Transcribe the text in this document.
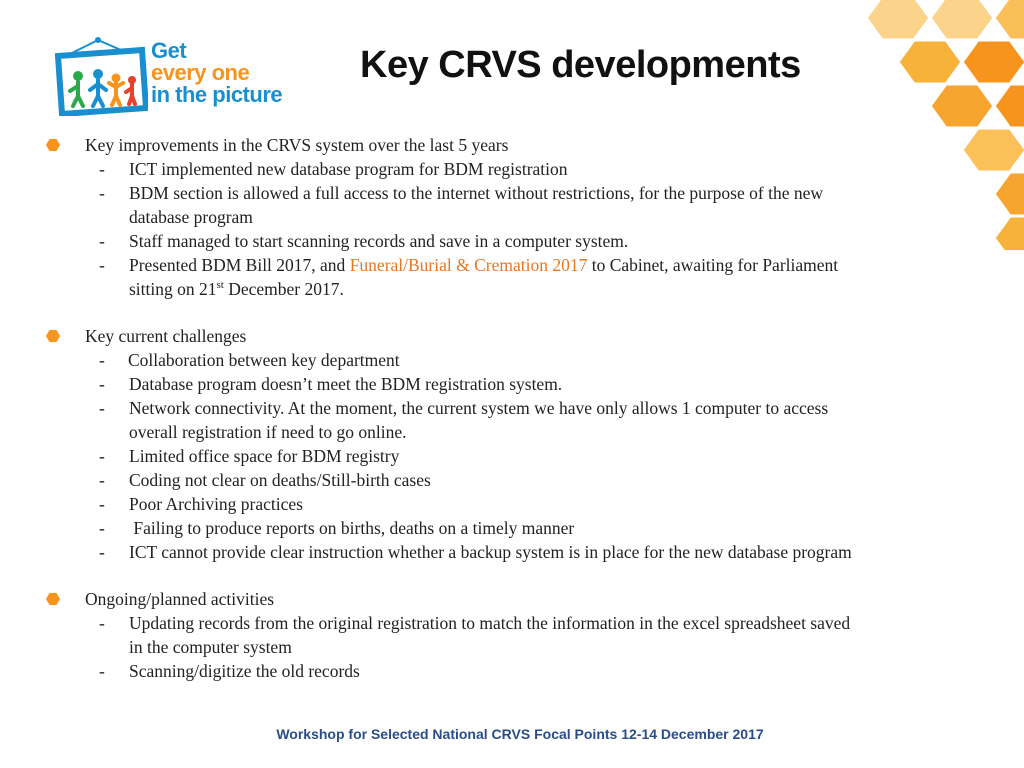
Get
every one
in the picture
Key CRVS developments
Key improvements in the CRVS system over the last 5 years
- ICT implemented new database program for BDM registration
- BDM section is allowed a full access to the internet without restrictions, for the purpose of the new
database program
- Staff managed to start scanning records and save in a computer system.
- Presented BDM Bill 2017, and Funeral/Burial & Cremation 2017 to Cabinet, awaiting for Parliament
sitting on 21st December 2017.
Key current challenges
- Collaboration between key department
- Database program doesn’t meet the BDM registration system.
- Network connectivity. At the moment, the current system we have only allows 1 computer to access
overall registration if need to go online.
- Limited office space for BDM registry
- Coding not clear on deaths/Still-birth cases
- Poor Archiving practices
- Failing to produce reports on births, deaths on a timely manner
- ICT cannot provide clear instruction whether a backup system is in place for the new database program
Ongoing/planned activities
- Updating records from the original registration to match the information in the excel spreadsheet saved
in the computer system
- Scanning/digitize the old records
Workshop for Selected National CRVS Focal Points 12-14 December 2017
